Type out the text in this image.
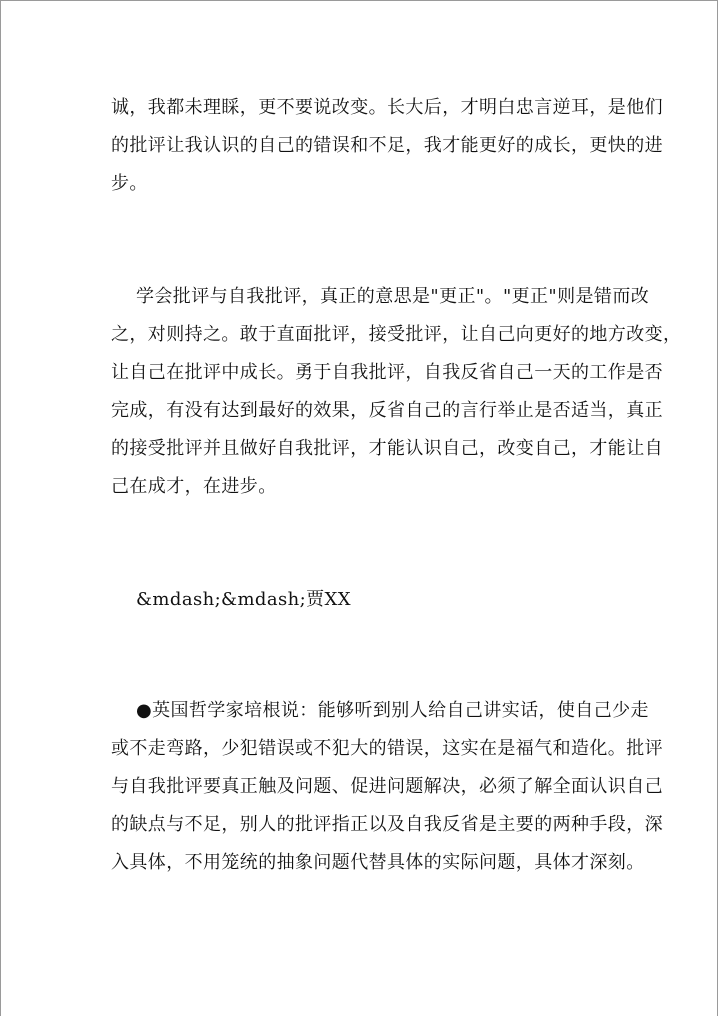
诚，我都未理睬，更不要说改变。长大后，才明白忠言逆耳，是他们

的批评让我认识的自己的错误和不足，我才能更好的成长，更快的进

步。

学会批评与自我批评，真正的意思是"更正"。"更正"则是错而改

之，对则持之。敢于直面批评，接受批评，让自己向更好的地方改变，

让自己在批评中成长。勇于自我批评，自我反省自己一天的工作是否

完成，有没有达到最好的效果，反省自己的言行举止是否适当，真正

的接受批评并且做好自我批评，才能认识自己，改变自己，才能让自

己在成才，在进步。

&mdash;&mdash;贾XX

●英国哲学家培根说：能够听到别人给自己讲实话，使自己少走

或不走弯路，少犯错误或不犯大的错误，这实在是福气和造化。批评

与自我批评要真正触及问题、促进问题解决，必须了解全面认识自己

的缺点与不足，别人的批评指正以及自我反省是主要的两种手段，深

入具体，不用笼统的抽象问题代替具体的实际问题，具体才深刻。
